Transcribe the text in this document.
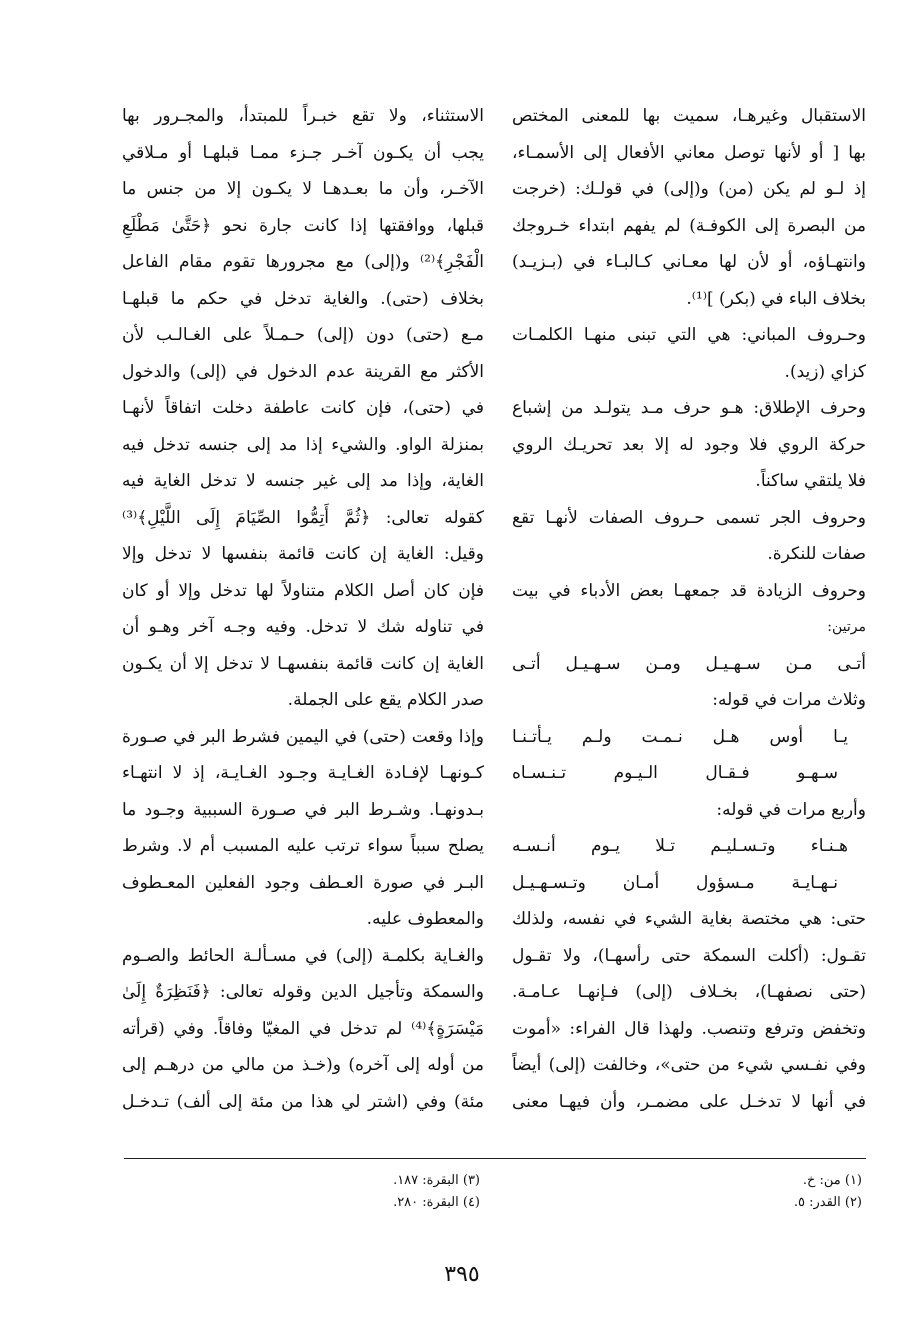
الاستقبال وغيرهـا، سميت بها للمعنى المختص
بها [ أو لأنها توصل معاني الأفعال إلى الأسمـاء،
إذ لـو لم يكن (من) و(إلى) في قولـك: (خرجت
من البصرة إلى الكوفـة) لم يفهم ابتداء خـروجك
وانتهـاؤه، أو لأن لها معـاني كـالبـاء في (بـزيـد)
بخلاف الباء في (بكر) ]⁽¹⁾.
وحـروف المباني: هي التي تبنى منهـا الكلمـات
كزاي (زيد).
وحرف الإطلاق: هـو حرف مـد يتولـد من إشباع
حركة الروي فلا وجود له إلا بعد تحريـك الروي
فلا يلتقي ساكناً.
وحروف الجر تسمى حـروف الصفات لأنهـا تقع
صفات للنكرة.
وحروف الزيادة قد جمعهـا بعض الأدباء في بيت
مرتين:
أتـى مـن سـهـيـل ومـن سـهـيـل أتـى
وثلاث مرات في قوله:
يـا أوس هـل نـمـت ولـم يـأتـنـا
سـهـو فـقـال الـيـوم تـنـسـاه
وأربع مرات في قوله:
هـنـاء وتـسـليـم تـلا يـوم أنـسـه
نـهـايـة مـسؤول أمـان وتـسـهـيـل
حتى: هي مختصة بغاية الشيء في نفسه، ولذلك
تقـول: (أكلت السمكة حتى رأسهـا)، ولا تقـول
(حتى نصفهـا)، بخـلاف (إلى) فـإنهـا عـامـة.
وتخفض وترفع وتنصب. ولهذا قال الفراء: «أموت
وفي نفـسي شيء من حتى»، وخالفت (إلى) أيضاً
في أنها لا تدخـل على مضمـر، وأن فيهـا معنى
الاستثناء، ولا تقع خبـراً للمبتدأ، والمجـرور بها
يجب أن يكـون آخـر جـزء ممـا قبلهـا أو مـلاقي
الآخـر، وأن ما بعـدهـا لا يكـون إلا من جنس ما
قبلها، ووافقتها إذا كانت جارة نحو ﴿حَتَّىٰ مَطْلَعِ
الْفَجْرِ﴾⁽²⁾ و(إلى) مع مجرورها تقوم مقام الفاعل
بخلاف (حتى). والغاية تدخل في حكم ما قبلهـا
مـع (حتى) دون (إلى) حـمـلاً على الغـالـب لأن
الأكثر مع القرينة عدم الدخول في (إلى) والدخول
في (حتى)، فإن كانت عاطفة دخلت اتفاقاً لأنهـا
بمنزلة الواو. والشيء إذا مد إلى جنسه تدخل فيه
الغاية، وإذا مد إلى غير جنسه لا تدخل الغاية فيه
كقوله تعالى: ﴿ثُمَّ أَتِمُّوا الصِّيَامَ إِلَى اللَّيْلِ﴾⁽³⁾
وقيل: الغاية إن كانت قائمة بنفسها لا تدخل وإلا
فإن كان أصل الكلام متناولاً لها تدخل وإلا أو كان
في تناوله شك لا تدخل. وفيه وجـه آخر وهـو أن
الغاية إن كانت قائمة بنفسهـا لا تدخل إلا أن يكـون
صدر الكلام يقع على الجملة.
وإذا وقعت (حتى) في اليمين فشرط البر في صـورة
كـونهـا لإفـادة الغـايـة وجـود الغـايـة، إذ لا انتهـاء
بـدونهـا. وشـرط البر في صـورة السببية وجـود ما
يصلح سبباً سواء ترتب عليه المسبب أم لا. وشرط
البـر في صورة العـطف وجود الفعلين المعـطوف
والمعطوف عليه.
والغـاية بكلمـة (إلى) في مسـألـة الحائط والصـوم
والسمكة وتأجيل الدين وقوله تعالى: ﴿فَنَظِرَةٌ إِلَىٰ
مَيْسَرَةٍ﴾⁽⁴⁾ لم تدخل في المغيّا وفاقاً. وفي (قرأته
من أوله إلى آخره) و(خـذ من مالي من درهـم إلى
مئة) وفي (اشتر لي هذا من مئة إلى ألف) تـدخـل
(١) من: خ.
(٢) القدر: ٥.
(٣) البقرة: ١٨٧.
(٤) البقرة: ٢٨٠.
٣٩٥
